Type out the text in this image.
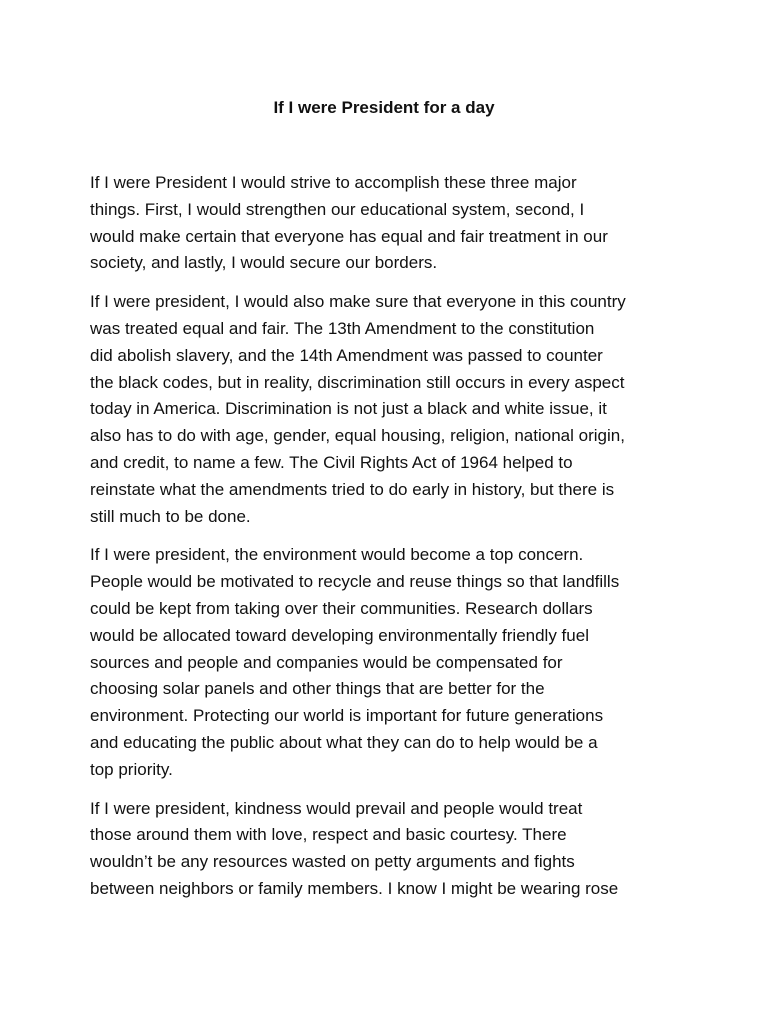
If I were President for a day

If I were President I would strive to accomplish these three major
things. First, I would strengthen our educational system, second, I
would make certain that everyone has equal and fair treatment in our
society, and lastly, I would secure our borders.

If I were president, I would also make sure that everyone in this country
was treated equal and fair. The 13th Amendment to the constitution
did abolish slavery, and the 14th Amendment was passed to counter
the black codes, but in reality, discrimination still occurs in every aspect
today in America. Discrimination is not just a black and white issue, it
also has to do with age, gender, equal housing, religion, national origin,
and credit, to name a few. The Civil Rights Act of 1964 helped to
reinstate what the amendments tried to do early in history, but there is
still much to be done.

If I were president, the environment would become a top concern.
People would be motivated to recycle and reuse things so that landfills
could be kept from taking over their communities. Research dollars
would be allocated toward developing environmentally friendly fuel
sources and people and companies would be compensated for
choosing solar panels and other things that are better for the
environment. Protecting our world is important for future generations
and educating the public about what they can do to help would be a
top priority.

If I were president, kindness would prevail and people would treat
those around them with love, respect and basic courtesy. There
wouldn’t be any resources wasted on petty arguments and fights
between neighbors or family members. I know I might be wearing rose
